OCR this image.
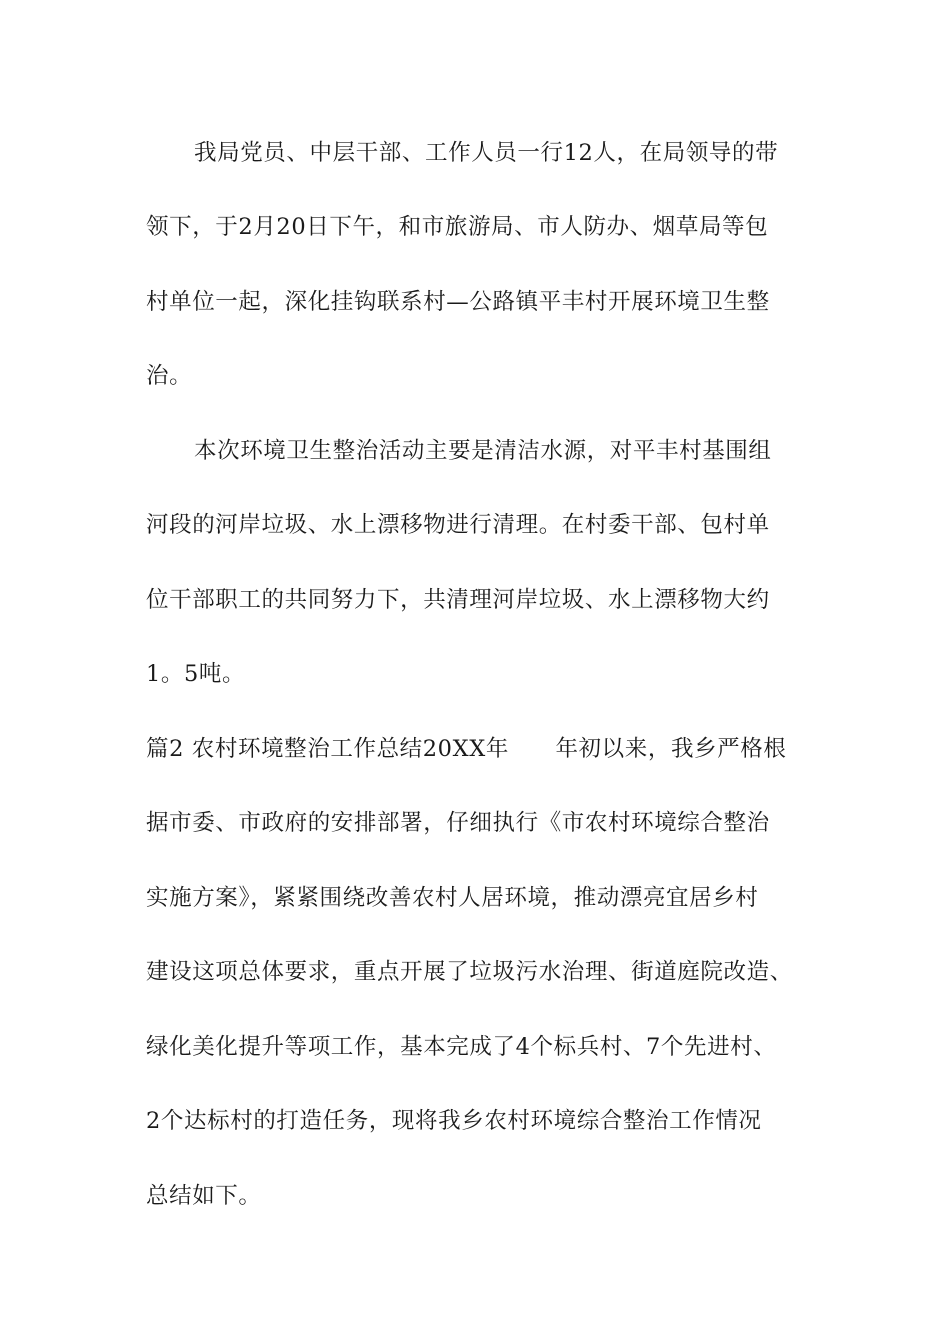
我局党员、中层干部、工作人员一行12人，在局领导的带
领下，于2月20日下午，和市旅游局、市人防办、烟草局等包
村单位一起，深化挂钩联系村—公路镇平丰村开展环境卫生整
治。
本次环境卫生整治活动主要是清洁水源，对平丰村基围组
河段的河岸垃圾、水上漂移物进行清理。在村委干部、包村单
位干部职工的共同努力下，共清理河岸垃圾、水上漂移物大约
1。5吨。
篇2 农村环境整治工作总结20XX年      年初以来，我乡严格根
据市委、市政府的安排部署，仔细执行《市农村环境综合整治
实施方案》，紧紧围绕改善农村人居环境，推动漂亮宜居乡村
建设这项总体要求，重点开展了垃圾污水治理、街道庭院改造、
绿化美化提升等项工作，基本完成了4个标兵村、7个先进村、
2个达标村的打造任务，现将我乡农村环境综合整治工作情况
总结如下。
